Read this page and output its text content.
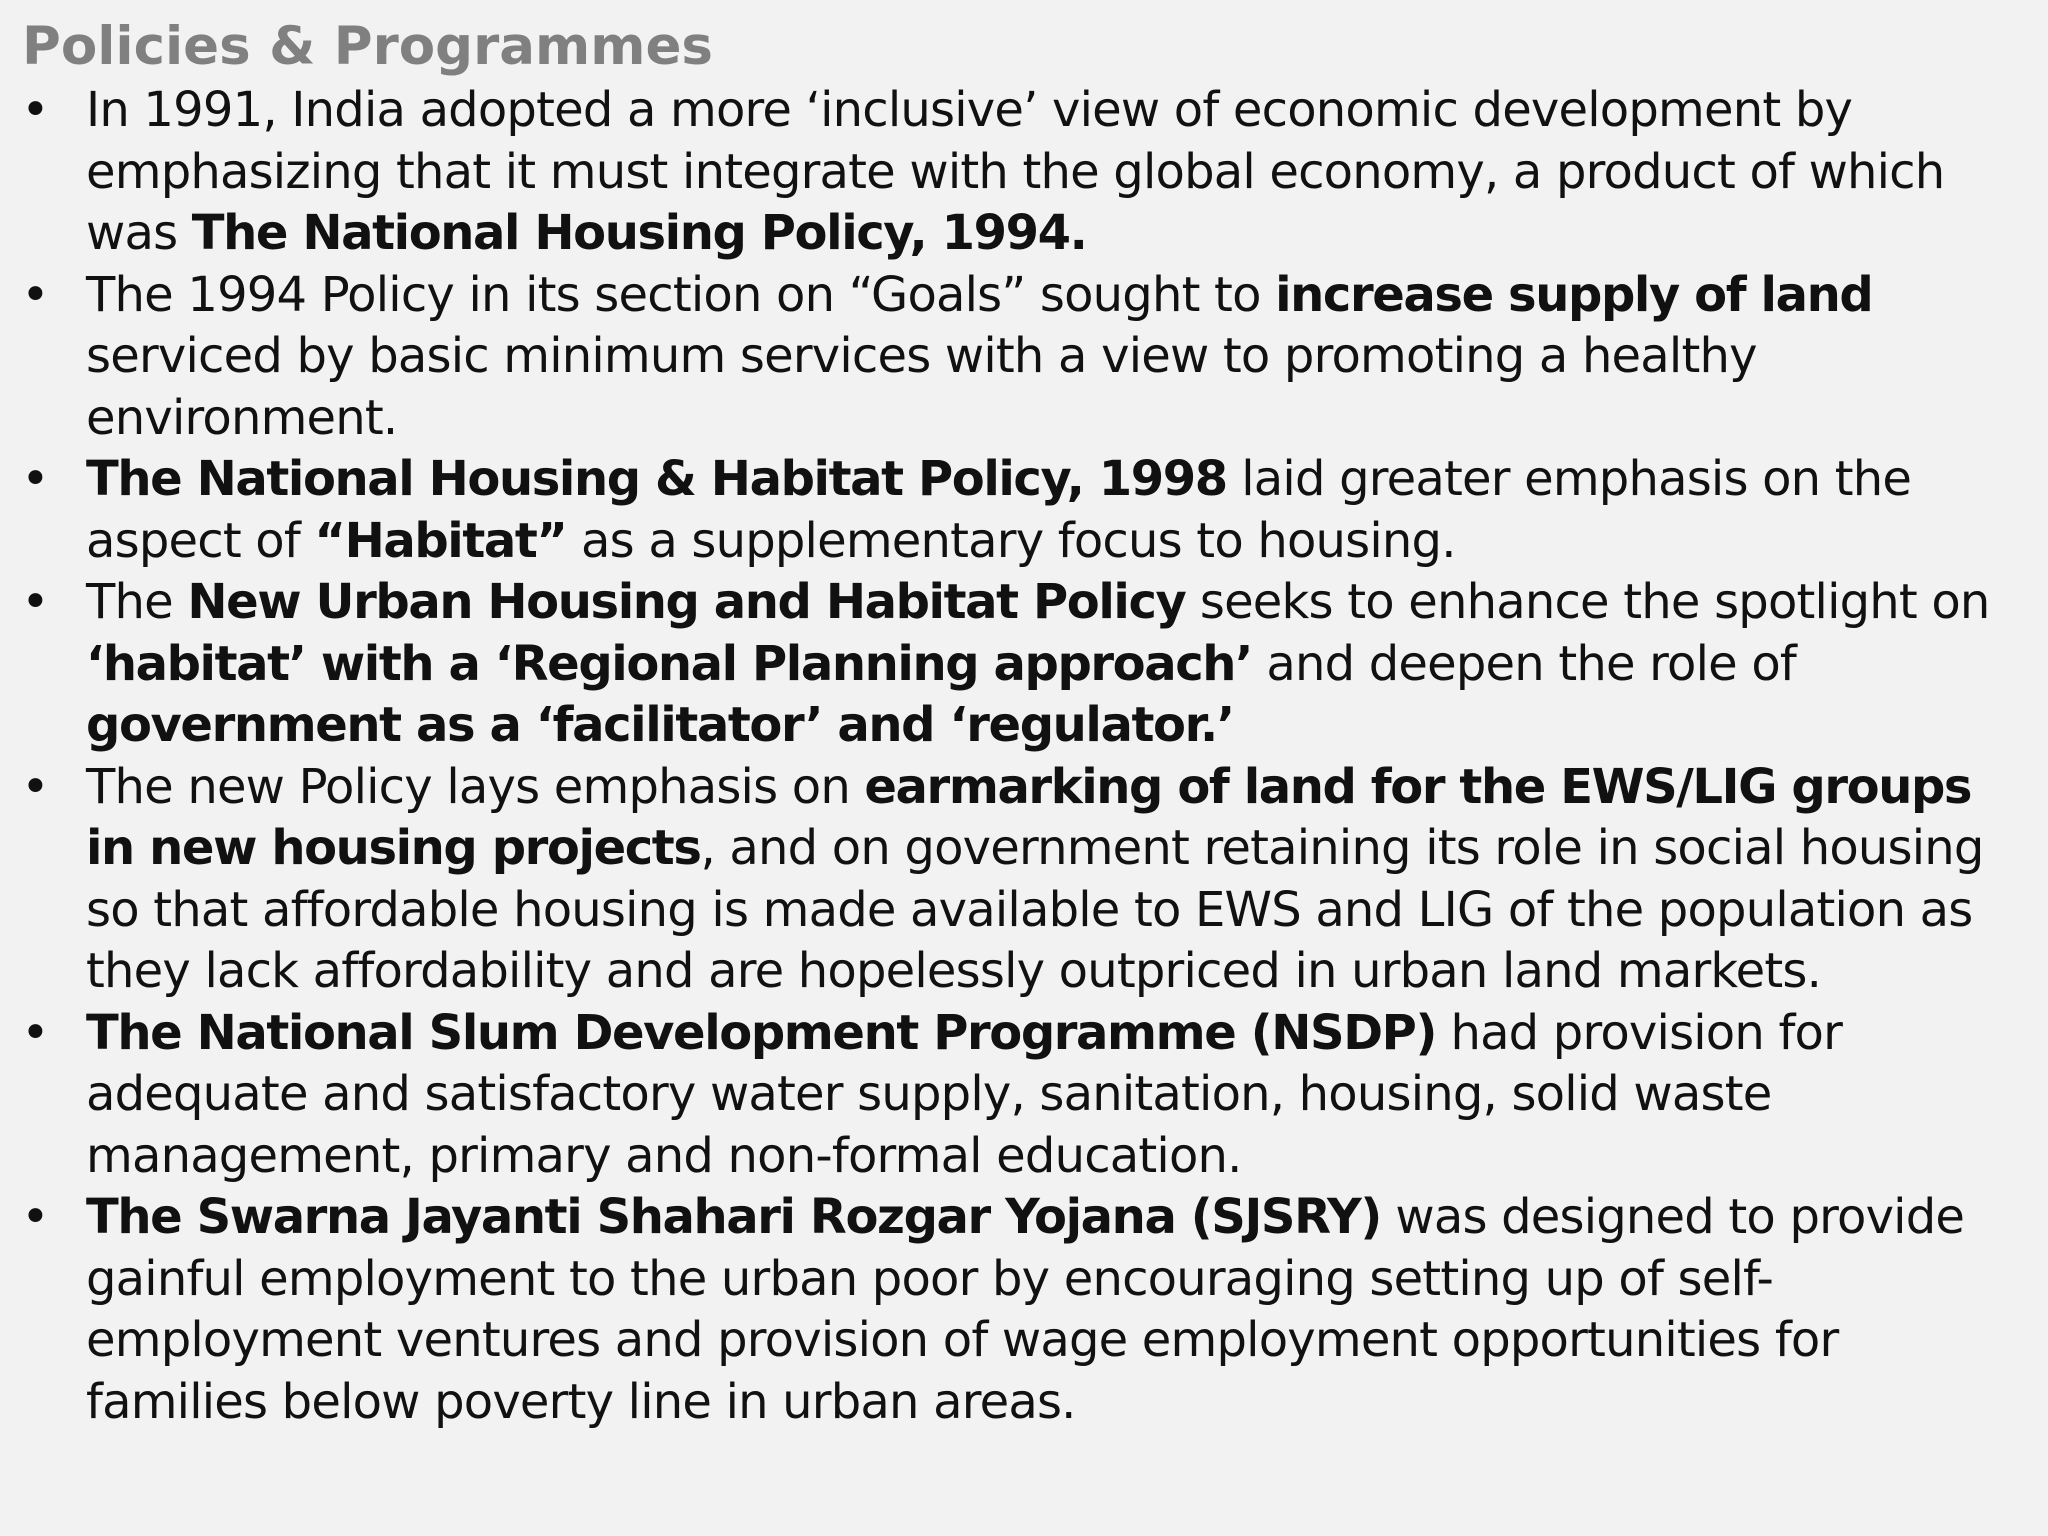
Policies & Programmes
• In 1991, India adopted a more ‘inclusive’ view of economic development by emphasizing that it must integrate with the global economy, a product of which was The National Housing Policy, 1994.
• The 1994 Policy in its section on “Goals” sought to increase supply of land serviced by basic minimum services with a view to promoting a healthy environment.
• The National Housing & Habitat Policy, 1998 laid greater emphasis on the aspect of “Habitat” as a supplementary focus to housing.
• The New Urban Housing and Habitat Policy seeks to enhance the spotlight on ‘habitat’ with a ‘Regional Planning approach’ and deepen the role of government as a ‘facilitator’ and ‘regulator.’
• The new Policy lays emphasis on earmarking of land for the EWS/LIG groups in new housing projects, and on government retaining its role in social housing so that affordable housing is made available to EWS and LIG of the population as they lack affordability and are hopelessly outpriced in urban land markets.
• The National Slum Development Programme (NSDP) had provision for adequate and satisfactory water supply, sanitation, housing, solid waste management, primary and non-formal education.
• The Swarna Jayanti Shahari Rozgar Yojana (SJSRY) was designed to provide gainful employment to the urban poor by encouraging setting up of self-employment ventures and provision of wage employment opportunities for families below poverty line in urban areas.
